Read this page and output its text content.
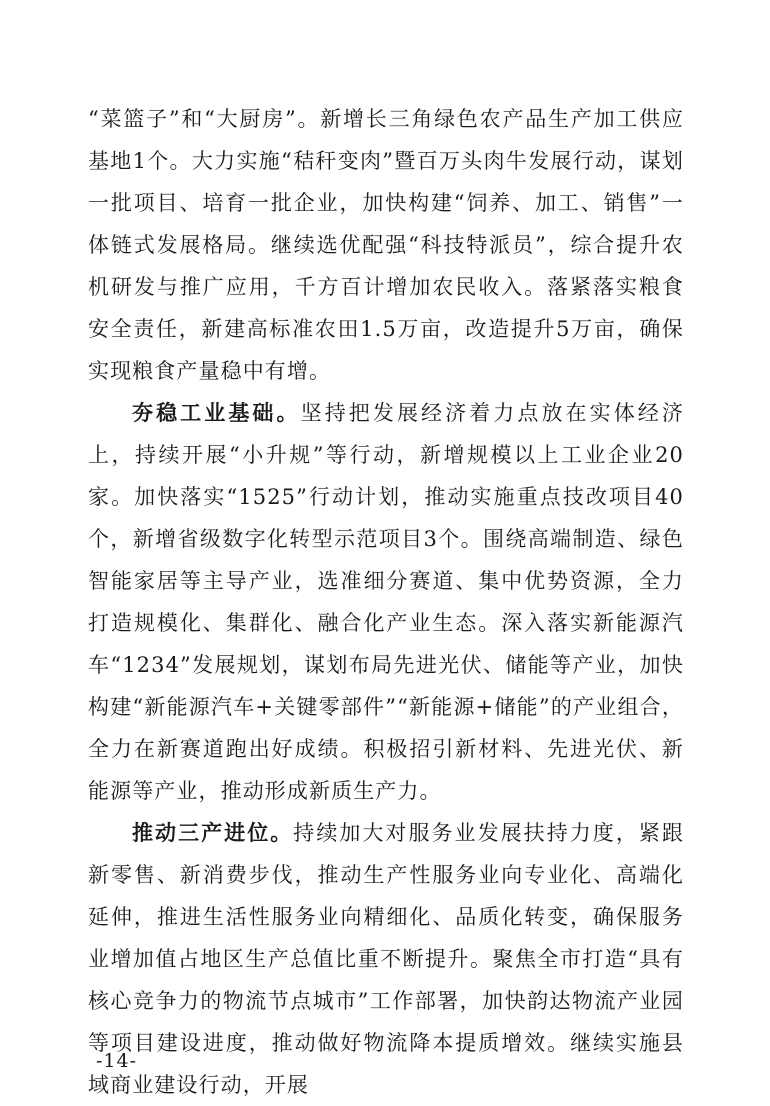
“菜篮子”和“大厨房”。新增长三角绿色农产品生产加工供应基地1个。大力实施“秸秆变肉”暨百万头肉牛发展行动，谋划一批项目、培育一批企业，加快构建“饲养、加工、销售”一体链式发展格局。继续选优配强“科技特派员”，综合提升农机研发与推广应用，千方百计增加农民收入。落紧落实粮食安全责任，新建高标准农田1.5万亩，改造提升5万亩，确保实现粮食产量稳中有增。

夯稳工业基础。坚持把发展经济着力点放在实体经济上，持续开展“小升规”等行动，新增规模以上工业企业20家。加快落实“1525”行动计划，推动实施重点技改项目40个，新增省级数字化转型示范项目3个。围绕高端制造、绿色智能家居等主导产业，选准细分赛道、集中优势资源，全力打造规模化、集群化、融合化产业生态。深入落实新能源汽车“1234”发展规划，谋划布局先进光伏、储能等产业，加快构建“新能源汽车+关键零部件”“新能源+储能”的产业组合，全力在新赛道跑出好成绩。积极招引新材料、先进光伏、新能源等产业，推动形成新质生产力。

推动三产进位。持续加大对服务业发展扶持力度，紧跟新零售、新消费步伐，推动生产性服务业向专业化、高端化延伸，推进生活性服务业向精细化、品质化转变，确保服务业增加值占地区生产总值比重不断提升。聚焦全市打造“具有核心竞争力的物流节点城市”工作部署，加快韵达物流产业园等项目建设进度，推动做好物流降本提质增效。继续实施县域商业建设行动，开展

-14-
